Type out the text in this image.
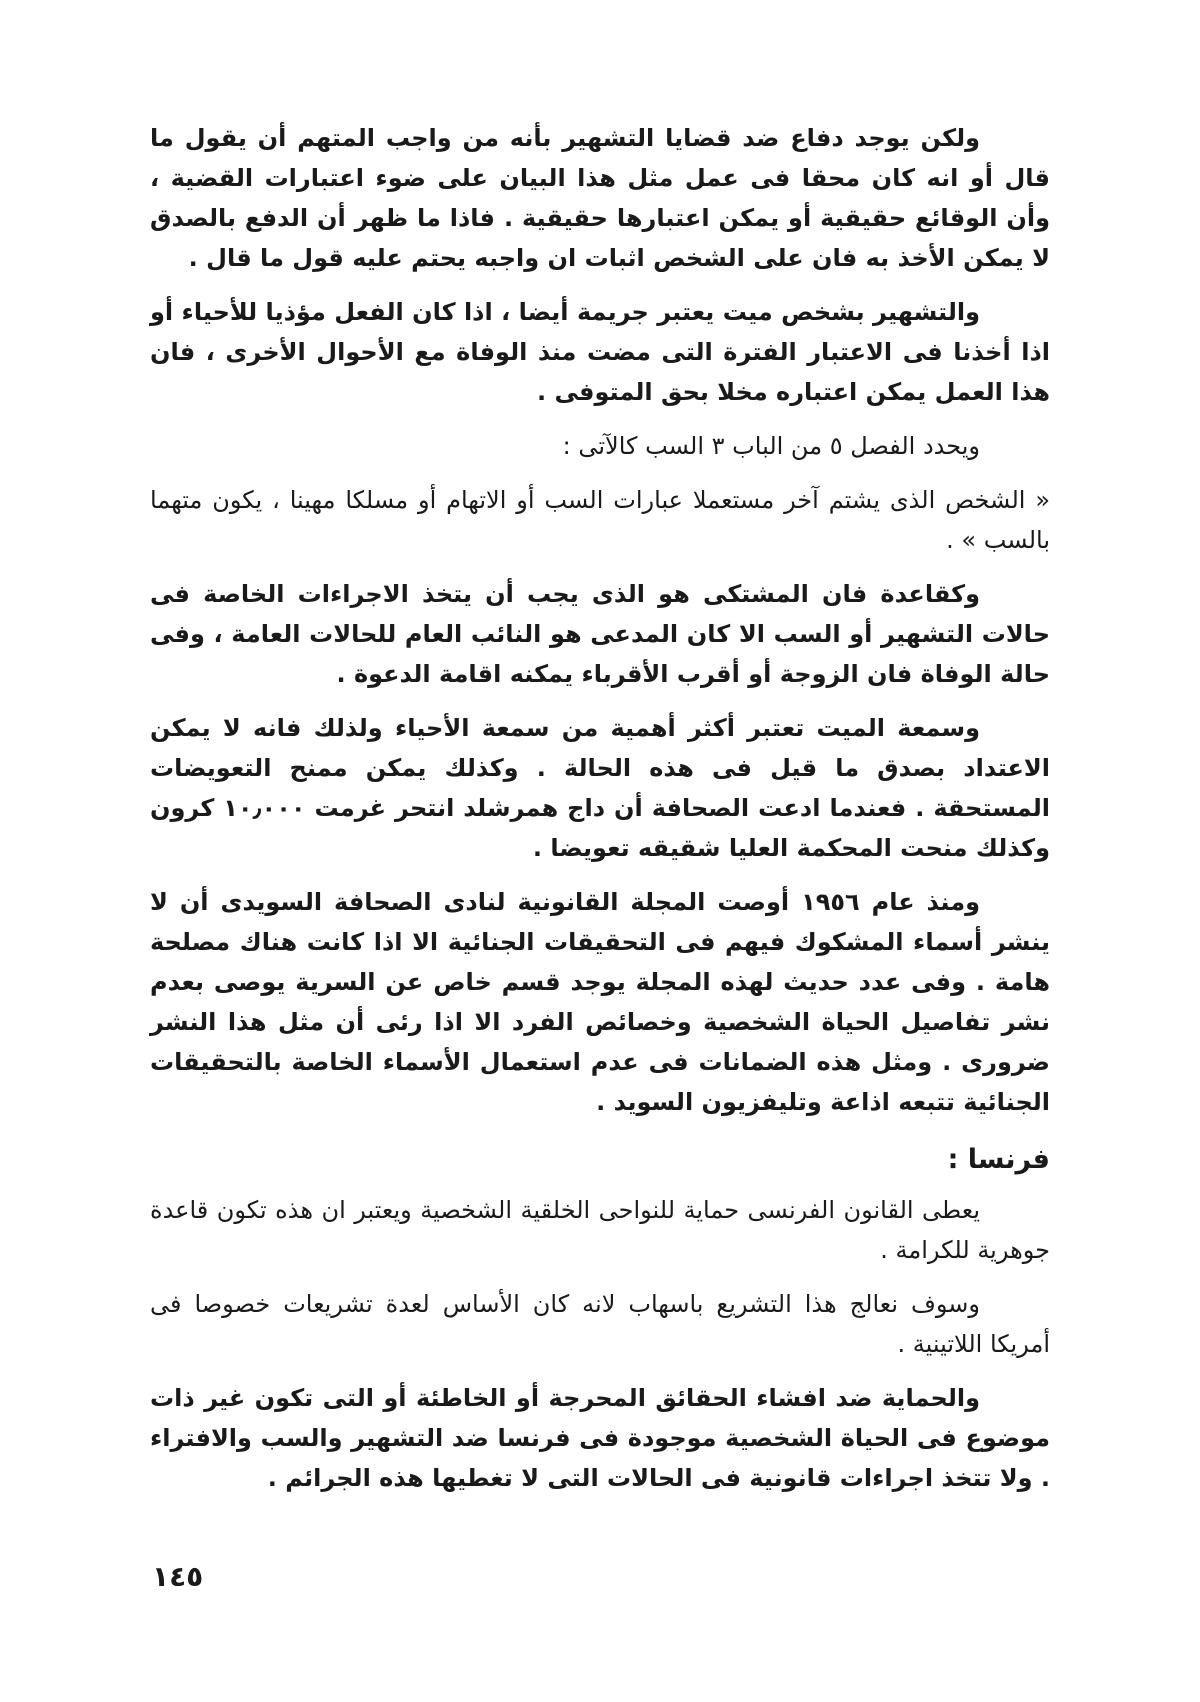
ولكن يوجد دفاع ضد قضايا التشهير بأنه من واجب المتهم أن يقول ما قال أو انه كان محقا فى عمل مثل هذا البيان على ضوء اعتبارات القضية ، وأن الوقائع حقيقية أو يمكن اعتبارها حقيقية . فاذا ما ظهر أن الدفع بالصدق لا يمكن الأخذ به فان على الشخص اثبات ان واجبه يحتم عليه قول ما قال .

والتشهير بشخص ميت يعتبر جريمة أيضا ، اذا كان الفعل مؤذيا للأحياء أو اذا أخذنا فى الاعتبار الفترة التى مضت منذ الوفاة مع الأحوال الأخرى ، فان هذا العمل يمكن اعتباره مخلا بحق المتوفى .

ويحدد الفصل ٥ من الباب ٣ السب كالآتى :

« الشخص الذى يشتم آخر مستعملا عبارات السب أو الاتهام أو مسلكا مهينا ، يكون متهما بالسب » .

وكقاعدة فان المشتكى هو الذى يجب أن يتخذ الاجراءات الخاصة فى حالات التشهير أو السب الا كان المدعى هو النائب العام للحالات العامة ، وفى حالة الوفاة فان الزوجة أو أقرب الأقرباء يمكنه اقامة الدعوة .

وسمعة الميت تعتبر أكثر أهمية من سمعة الأحياء ولذلك فانه لا يمكن الاعتداد بصدق ما قيل فى هذه الحالة . وكذلك يمكن ممنح التعويضات المستحقة . فعندما ادعت الصحافة أن داج همرشلد انتحر غرمت ١٠٫٠٠٠ كرون وكذلك منحت المحكمة العليا شقيقه تعويضا .

ومنذ عام ١٩٥٦ أوصت المجلة القانونية لنادى الصحافة السويدى أن لا ينشر أسماء المشكوك فيهم فى التحقيقات الجنائية الا اذا كانت هناك مصلحة هامة . وفى عدد حديث لهذه المجلة يوجد قسم خاص عن السرية يوصى بعدم نشر تفاصيل الحياة الشخصية وخصائص الفرد الا اذا رئى أن مثل هذا النشر ضرورى . ومثل هذه الضمانات فى عدم استعمال الأسماء الخاصة بالتحقيقات الجنائية تتبعه اذاعة وتليفزيون السويد .

فرنسا :

يعطى القانون الفرنسى حماية للنواحى الخلقية الشخصية ويعتبر ان هذه تكون قاعدة جوهرية للكرامة .

وسوف نعالج هذا التشريع باسهاب لانه كان الأساس لعدة تشريعات خصوصا فى أمريكا اللاتينية .

والحماية ضد افشاء الحقائق المحرجة أو الخاطئة أو التى تكون غير ذات موضوع فى الحياة الشخصية موجودة فى فرنسا ضد التشهير والسب والافتراء . ولا تتخذ اجراءات قانونية فى الحالات التى لا تغطيها هذه الجرائم .

١٤٥
